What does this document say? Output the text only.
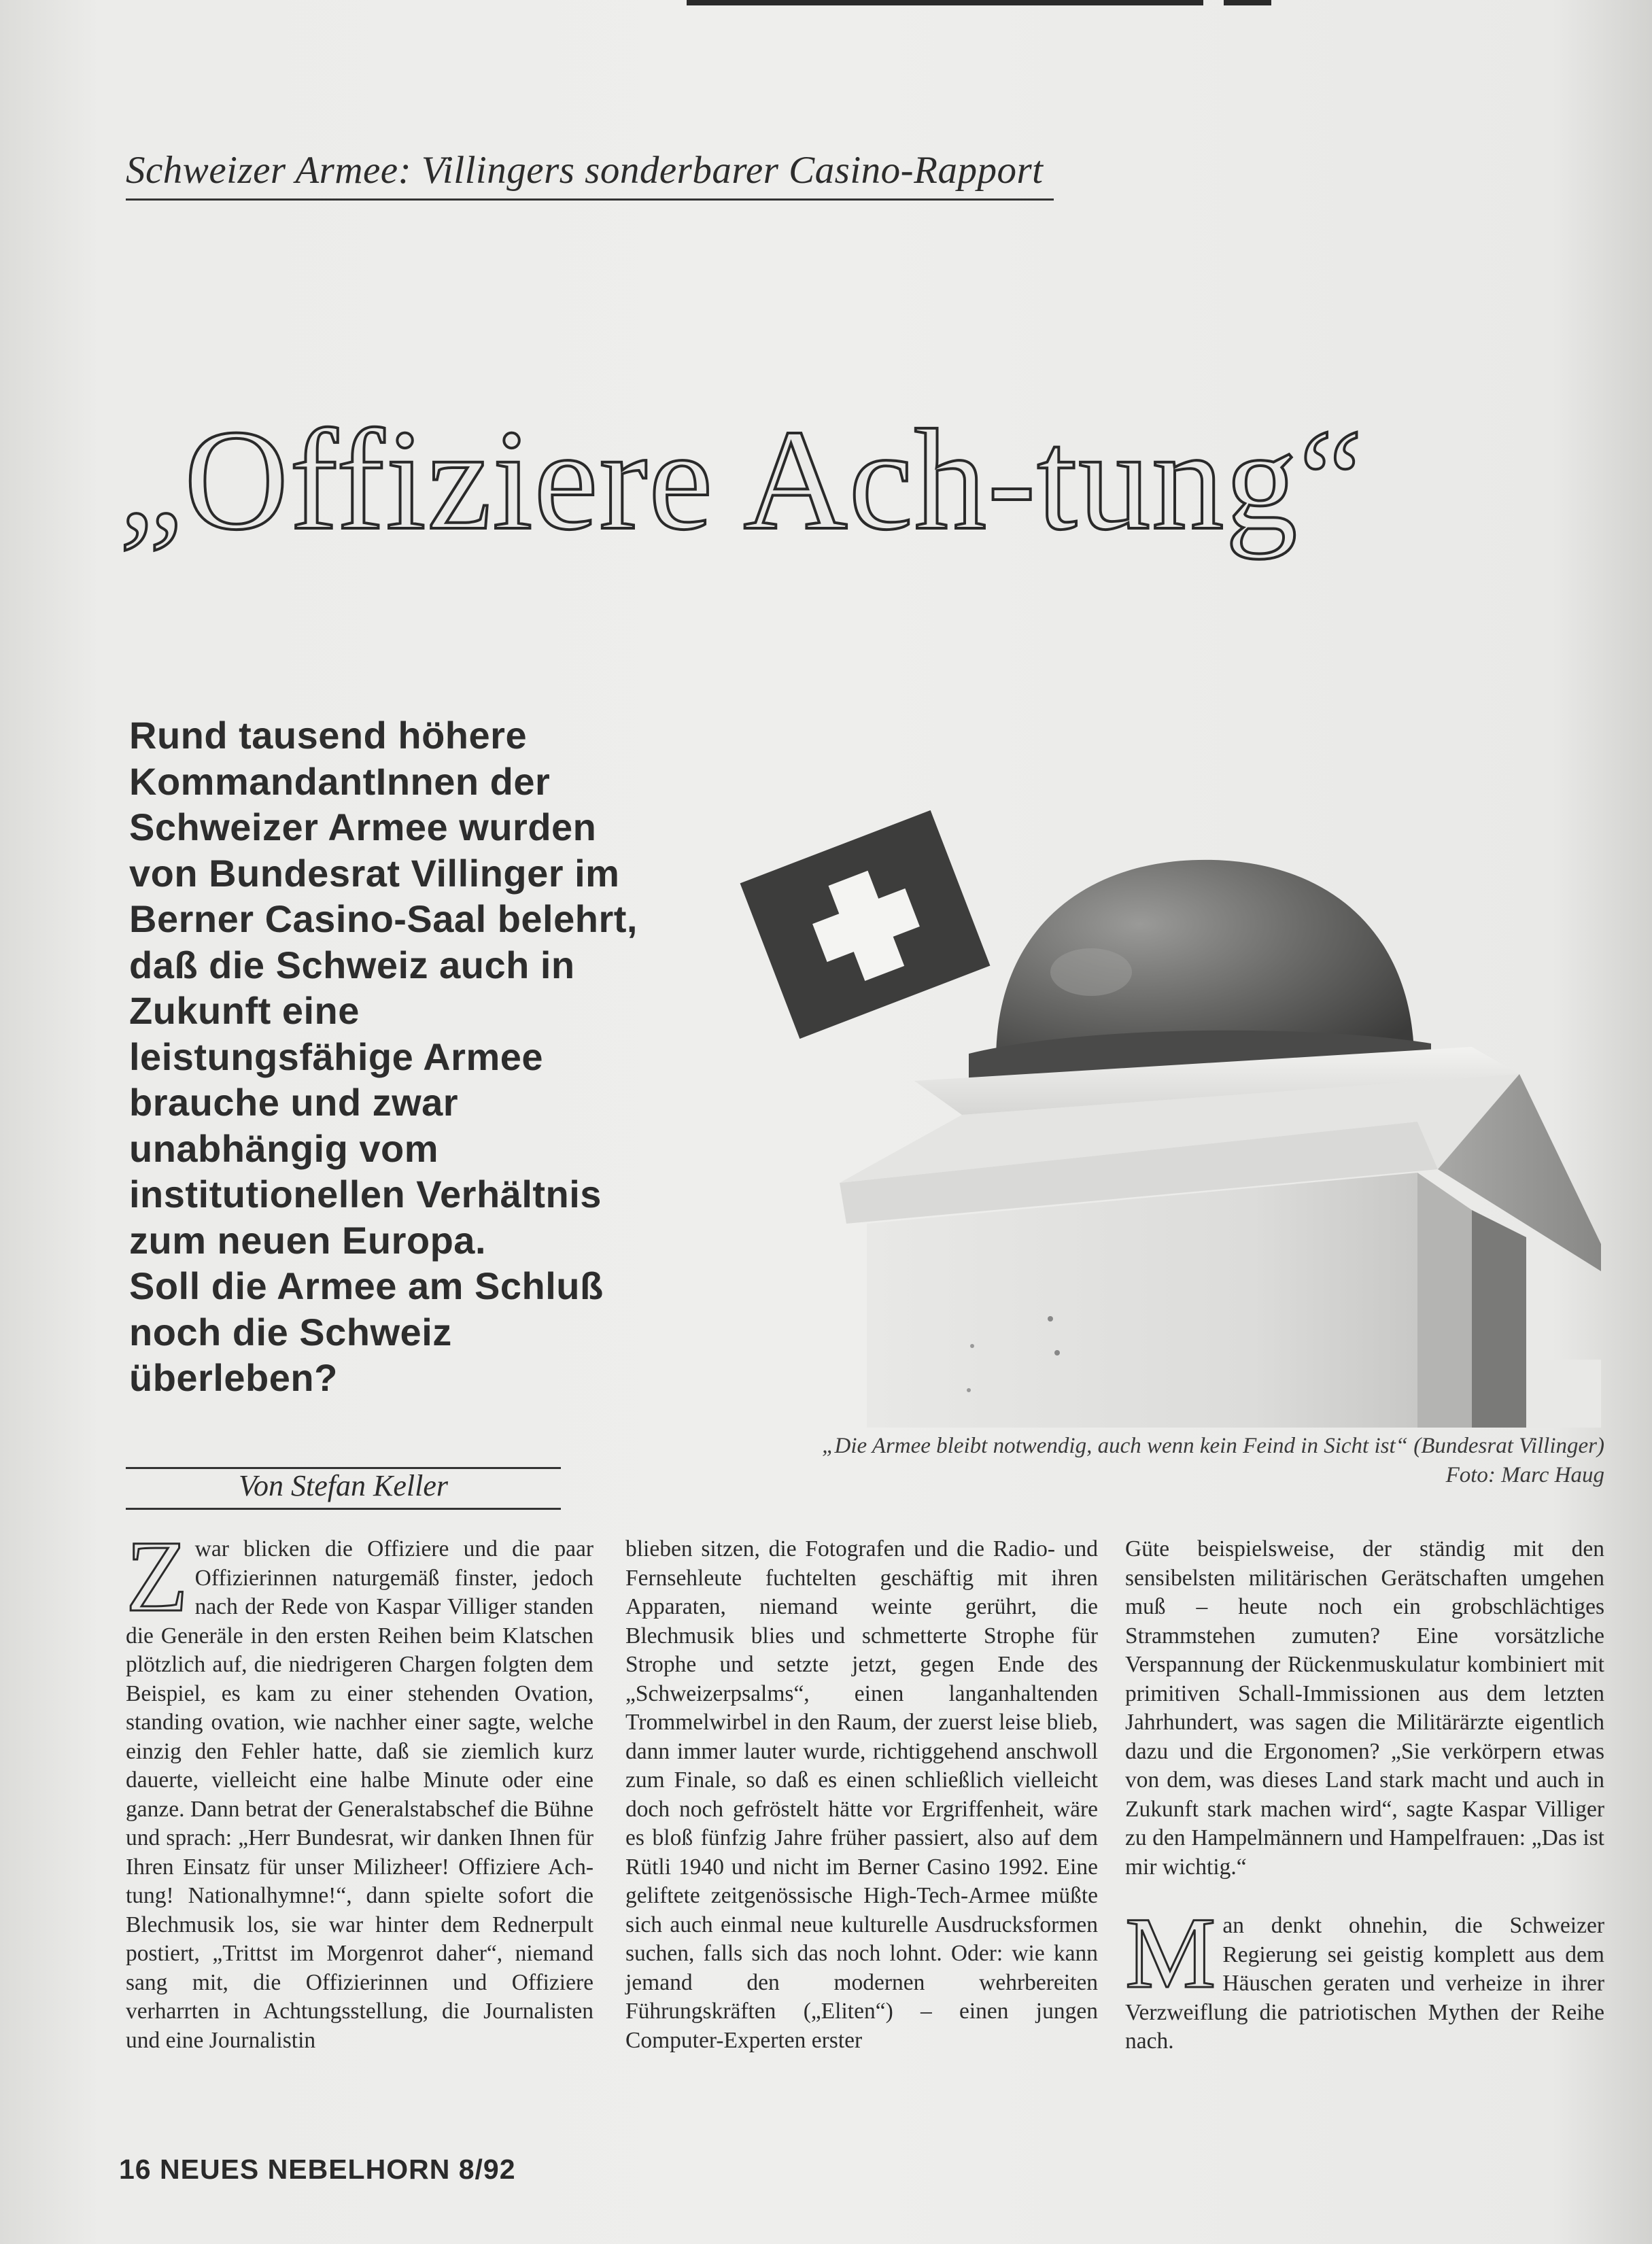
Schweizer Armee: Villingers sonderbarer Casino-Rapport
„Offiziere Ach-tung“

Rund tausend höhere KommandantInnen der Schweizer Armee wurden von Bundesrat Villinger im Berner Casino-Saal belehrt, daß die Schweiz auch in Zukunft eine leistungsfähige Armee brauche und zwar unabhängig vom institutionellen Verhältnis zum neuen Europa.

Soll die Armee am Schluß noch die Schweiz überleben?

„Die Armee bleibt notwendig, auch wenn kein Feind in Sicht ist“ (Bundesrat Villinger)
Foto: Marc Haug
Von Stefan Keller

Zwar blicken die Offiziere und die paar Offizierinnen naturgemäß finster, jedoch nach der Rede von Kaspar Villiger standen die Generäle in den ersten Reihen beim Klatschen plötzlich auf, die niedrigeren Chargen folgten dem Beispiel, es kam zu einer stehenden Ovation, standing ovation, wie nachher einer sagte, welche einzig den Fehler hatte, daß sie ziemlich kurz dauerte, vielleicht eine halbe Minute oder eine ganze. Dann betrat der Generalstabschef die Bühne und sprach: „Herr Bundesrat, wir danken Ihnen für Ihren Einsatz für unser Milizheer! Offiziere Ach-tung! Nationalhymne!“, dann spielte sofort die Blechmusik los, sie war hinter dem Rednerpult postiert, „Trittst im Morgenrot daher“, niemand sang mit, die Offizierinnen und Offiziere verharrten in Achtungsstellung, die Journalisten und eine Journalistin

blieben sitzen, die Fotografen und die Radio- und Fernsehleute fuchtelten geschäftig mit ihren Apparaten, niemand weinte gerührt, die Blechmusik blies und schmetterte Strophe für Strophe und setzte jetzt, gegen Ende des „Schweizerpsalms“, einen langanhaltenden Trommelwirbel in den Raum, der zuerst leise blieb, dann immer lauter wurde, richtiggehend anschwoll zum Finale, so daß es einen schließlich vielleicht doch noch gefröstelt hätte vor Ergriffenheit, wäre es bloß fünfzig Jahre früher passiert, also auf dem Rütli 1940 und nicht im Berner Casino 1992. Eine geliftete zeitgenössische High-Tech-Armee müßte sich auch einmal neue kulturelle Ausdrucksformen suchen, falls sich das noch lohnt. Oder: wie kann jemand den modernen wehrbereiten Führungskräften („Eliten“) – einen jungen Computer-Experten erster

Güte beispielsweise, der ständig mit den sensibelsten militärischen Gerätschaften umgehen muß – heute noch ein grobschlächtiges Strammstehen zumuten? Eine vorsätzliche Verspannung der Rückenmuskulatur kombiniert mit primitiven Schall-Immissionen aus dem letzten Jahrhundert, was sagen die Militärärzte eigentlich dazu und die Ergonomen? „Sie verkörpern etwas von dem, was dieses Land stark macht und auch in Zukunft stark machen wird“, sagte Kaspar Villiger zu den Hampelmännern und Hampelfrauen: „Das ist mir wichtig.“

Man denkt ohnehin, die Schweizer Regierung sei geistig komplett aus dem Häuschen geraten und verheize in ihrer Verzweiflung die patriotischen Mythen der Reihe nach.

16 NEUES NEBELHORN 8/92
